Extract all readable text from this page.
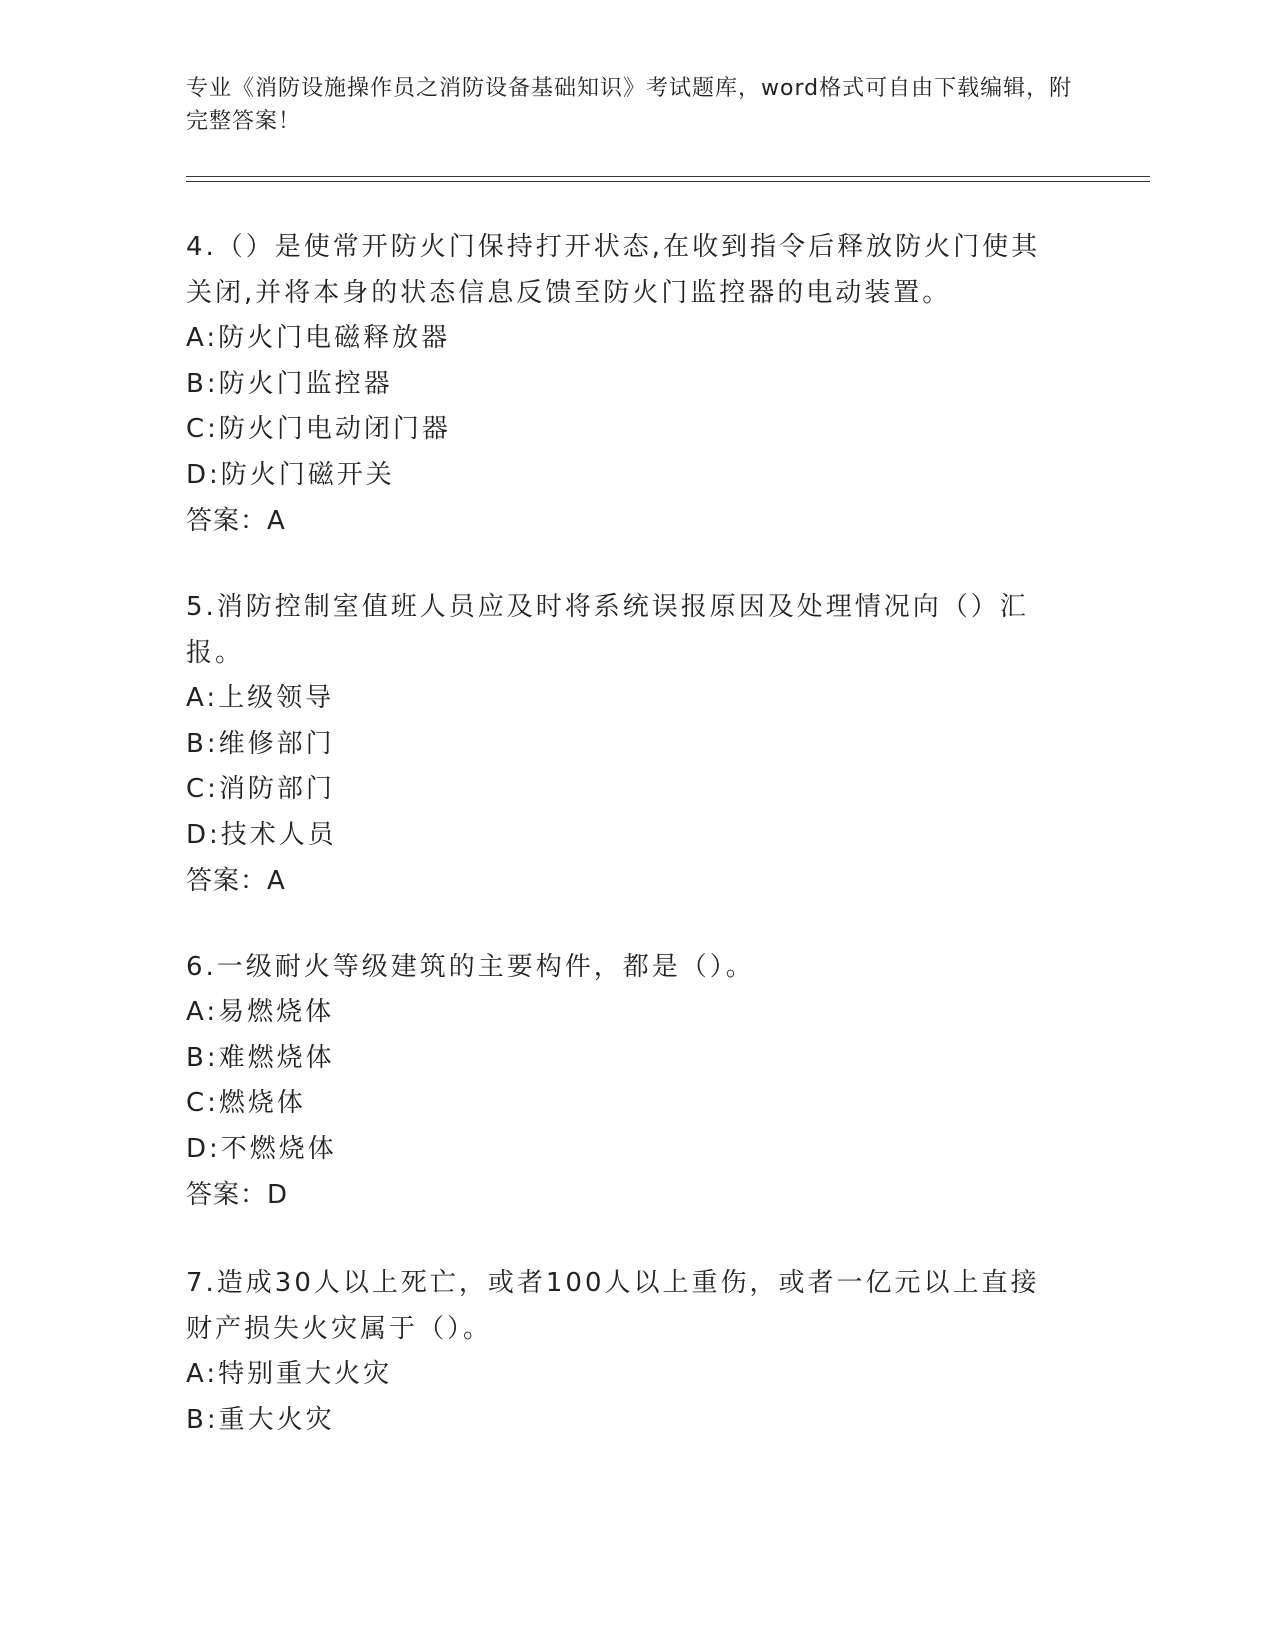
专业《消防设施操作员之消防设备基础知识》考试题库，word格式可自由下载编辑，附完整答案！

4.（）是使常开防火门保持打开状态,在收到指令后释放防火门使其关闭,并将本身的状态信息反馈至防火门监控器的电动装置。

A:防火门电磁释放器

B:防火门监控器

C:防火门电动闭门器

D:防火门磁开关

答案：A

5.消防控制室值班人员应及时将系统误报原因及处理情况向（）汇报。

A:上级领导

B:维修部门

C:消防部门

D:技术人员

答案：A

6.一级耐火等级建筑的主要构件，都是（）。

A:易燃烧体

B:难燃烧体

C:燃烧体

D:不燃烧体

答案：D

7.造成30人以上死亡，或者100人以上重伤，或者一亿元以上直接财产损失火灾属于（）。

A:特别重大火灾

B:重大火灾
